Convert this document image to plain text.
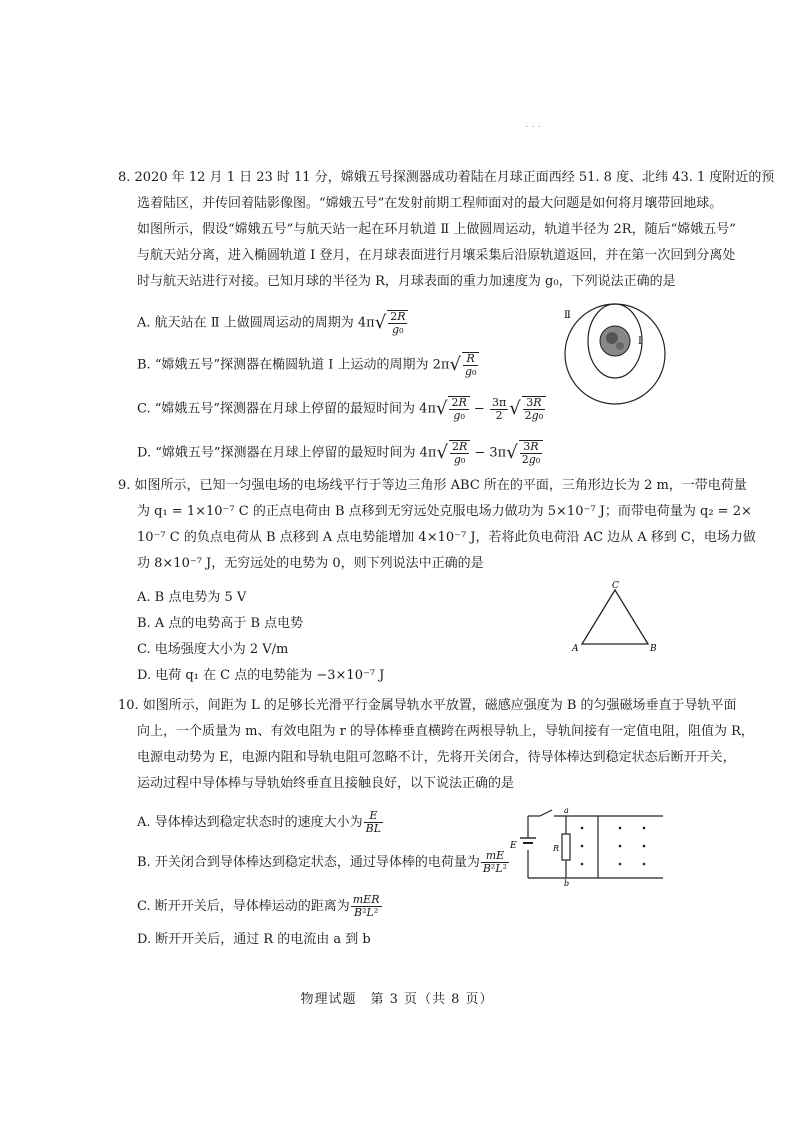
· · ·
8. 2020 年 12 月 1 日 23 时 11 分，嫦娥五号探测器成功着陆在月球正面西经 51. 8 度、北纬 43. 1 度附近的预
选着陆区，并传回着陆影像图。“嫦娥五号”在发射前期工程师面对的最大问题是如何将月壤带回地球。
如图所示，假设“嫦娥五号”与航天站一起在环月轨道 Ⅱ 上做圆周运动，轨道半径为 2R，随后“嫦娥五号”
与航天站分离，进入椭圆轨道 Ⅰ 登月，在月球表面进行月壤采集后沿原轨道返回，并在第一次回到分离处
时与航天站进行对接。已知月球的半径为 R，月球表面的重力加速度为 g₀，下列说法正确的是
A. 航天站在 Ⅱ 上做圆周运动的周期为 $4\pi√ \frac{2R}{\text{g₀}}$
B. “嫦娥五号”探测器在椭圆轨道 Ⅰ 上运动的周期为 $2\pi√ \frac{R}{\text{g₀}}$
C. “嫦娥五号”探测器在月球上停留的最短时间为 $4\pi√ \frac{2R}{\text{g₀}} - \frac{3\pi}{2}$ √ $\frac{3R}{\text{2g₀}}$
D. “嫦娥五号”探测器在月球上停留的最短时间为 $4\pi√ \frac{2R}{\text{g₀}} - 3\pi√ \frac{3R}{\text{2g₀}}$
Ⅱ
Ⅰ
9. 如图所示，已知一匀强电场的电场线平行于等边三角形 ABC 所在的平面，三角形边长为 2 m，一带电荷量
为 q₁ = 1×10⁻⁷ C 的正点电荷由 B 点移到无穷远处克服电场力做功为 5×10⁻⁷ J；而带电荷量为 q₂ = 2×
10⁻⁷ C 的负点电荷从 B 点移到 A 点电势能增加 4×10⁻⁷ J，若将此负电荷沿 AC 边从 A 移到 C，电场力做
功 8×10⁻⁷ J，无穷远处的电势为 0，则下列说法中正确的是
A. B 点电势为 5 V
B. A 点的电势高于 B 点电势
C. 电场强度大小为 2 V/m
D. 电荷 q₁ 在 C 点的电势能为 −3×10⁻⁷ J
C
A	B
10. 如图所示，间距为 L 的足够长光滑平行金属导轨水平放置，磁感应强度为 B 的匀强磁场垂直于导轨平面
向上，一个质量为 m、有效电阻为 r 的导体棒垂直横跨在两根导轨上，导轨间接有一定值电阻，阻值为 R，
电源电动势为 E，电源内阻和导轨电阻可忽略不计，先将开关闭合，待导体棒达到稳定状态后断开开关，
运动过程中导体棒与导轨始终垂直且接触良好，以下说法正确的是
A. 导体棒达到稳定状态时的速度大小为 $\frac{E}{BL}$
B. 开关闭合到导体棒达到稳定状态，通过导体棒的电荷量为 $\frac{mE}{\text{B²L²}}$
C. 断开开关后，导体棒运动的距离为 $\frac{\text{mER}}{\text{B²L²}}$
D. 断开开关后，通过 R 的电流由 a 到 b
E	R
a
b
物理试题　第 3 页（共 8 页）
